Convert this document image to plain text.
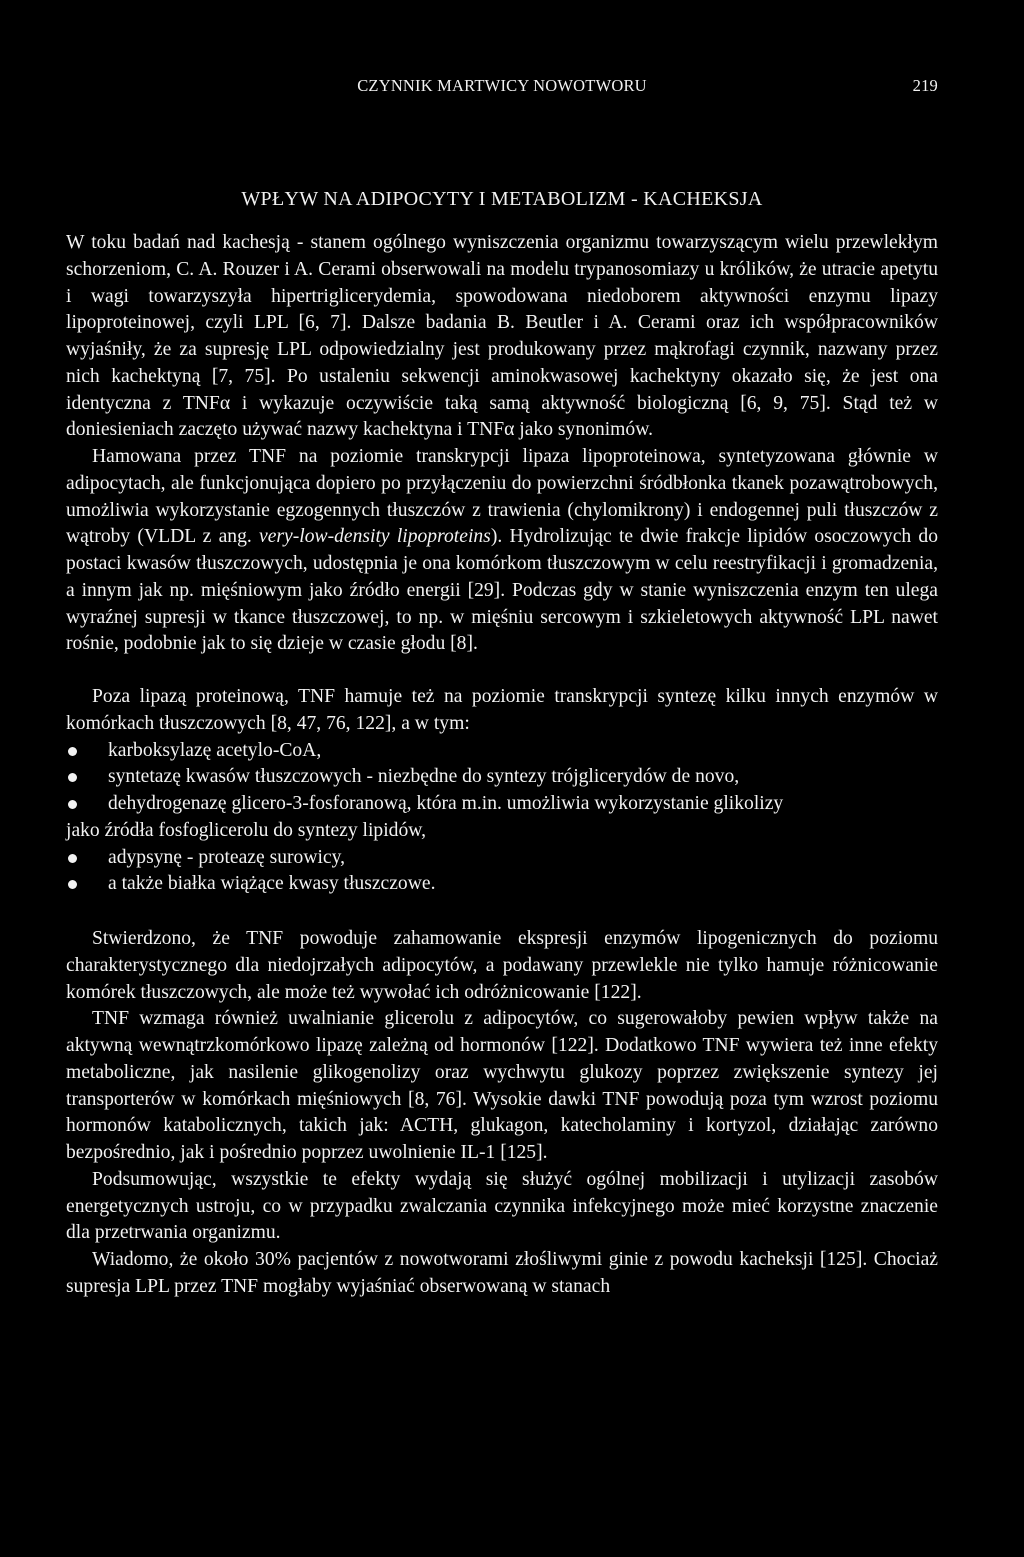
CZYNNIK MARTWICY NOWOTWORU	219
WPŁYW NA ADIPOCYTY I METABOLIZM - KACHEKSJA

W toku badań nad kachesją - stanem ogólnego wyniszczenia organizmu towarzyszącym wielu przewlekłym schorzeniom, C. A. Rouzer i A. Cerami obserwowali na modelu trypanosomiazy u królików, że utracie apetytu i wagi towarzyszyła hipertriglicerydemia, spowodowana niedoborem aktywności enzymu lipazy lipoproteinowej, czyli LPL [6, 7]. Dalsze badania B. Beutler i A. Cerami oraz ich współpracowników wyjaśniły, że za supresję LPL odpowiedzialny jest produkowany przez mąkrofagi czynnik, nazwany przez nich kachektyną [7, 75]. Po ustaleniu sekwencji aminokwasowej kachektyny okazało się, że jest ona identyczna z TNFα i wykazuje oczywiście taką samą aktywność biologiczną [6, 9, 75]. Stąd też w doniesieniach zaczęto używać nazwy kachektyna i TNFα jako synonimów.

Hamowana przez TNF na poziomie transkrypcji lipaza lipoproteinowa, syntetyzowana głównie w adipocytach, ale funkcjonująca dopiero po przyłączeniu do powierzchni śródbłonka tkanek pozawątrobowych, umożliwia wykorzystanie egzogennych tłuszczów z trawienia (chylomikrony) i endogennej puli tłuszczów z wątroby (VLDL z ang. very-low-density lipoproteins). Hydrolizując te dwie frakcje lipidów osoczowych do postaci kwasów tłuszczowych, udostępnia je ona komórkom tłuszczowym w celu reestryfikacji i gromadzenia, a innym jak np. mięśniowym jako źródło energii [29]. Podczas gdy w stanie wyniszczenia enzym ten ulega wyraźnej supresji w tkance tłuszczowej, to np. w mięśniu sercowym i szkieletowych aktywność LPL nawet rośnie, podobnie jak to się dzieje w czasie głodu [8].

Poza lipazą proteinową, TNF hamuje też na poziomie transkrypcji syntezę kilku innych enzymów w komórkach tłuszczowych [8, 47, 76, 122], a w tym:

karboksylazę acetylo-CoA,
syntetazę kwasów tłuszczowych - niezbędne do syntezy trójglicerydów de novo,
dehydrogenazę glicero-3-fosforanową, która m.in. umożliwia wykorzystanie glikolizy

jako źródła fosfoglicerolu do syntezy lipidów,

adypsynę - proteazę surowicy,
a także białka wiążące kwasy tłuszczowe.

Stwierdzono, że TNF powoduje zahamowanie ekspresji enzymów lipogenicznych do poziomu charakterystycznego dla niedojrzałych adipocytów, a podawany przewlekle nie tylko hamuje różnicowanie komórek tłuszczowych, ale może też wywołać ich odróżnicowanie [122].

TNF wzmaga również uwalnianie glicerolu z adipocytów, co sugerowałoby pewien wpływ także na aktywną wewnątrzkomórkowo lipazę zależną od hormonów [122]. Dodatkowo TNF wywiera też inne efekty metaboliczne, jak nasilenie glikogenolizy oraz wychwytu glukozy poprzez zwiększenie syntezy jej transporterów w komórkach mięśniowych [8, 76]. Wysokie dawki TNF powodują poza tym wzrost poziomu hormonów katabolicznych, takich jak: ACTH, glukagon, katecholaminy i kortyzol, działając zarówno bezpośrednio, jak i pośrednio poprzez uwolnienie IL-1 [125].

Podsumowując, wszystkie te efekty wydają się służyć ogólnej mobilizacji i utylizacji zasobów energetycznych ustroju, co w przypadku zwalczania czynnika infekcyjnego może mieć korzystne znaczenie dla przetrwania organizmu.

Wiadomo, że około 30% pacjentów z nowotworami złośliwymi ginie z powodu kacheksji [125]. Chociaż supresja LPL przez TNF mogłaby wyjaśniać obserwowaną w stanach
